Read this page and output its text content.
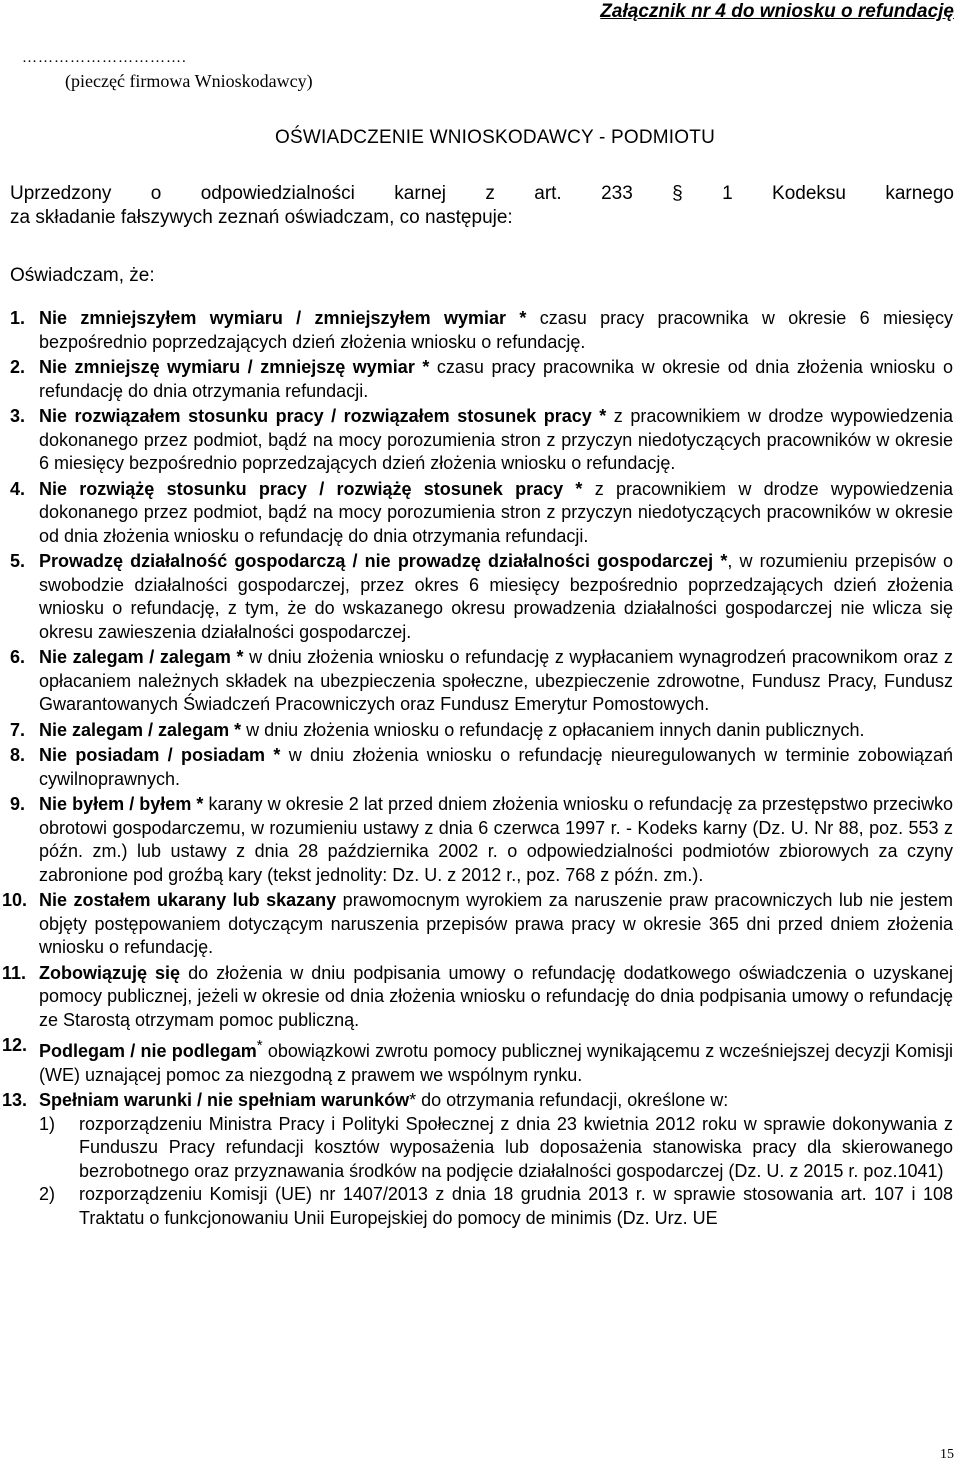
Załącznik nr 4 do wniosku o refundację
………………………….
(pieczęć firmowa Wnioskodawcy)
OŚWIADCZENIE WNIOSKODAWCY - PODMIOTU
Uprzedzony o odpowiedzialności karnej z art. 233 § 1 Kodeksu karnego
za składanie fałszywych zeznań oświadczam, co następuje:
Oświadczam, że:
1. Nie zmniejszyłem wymiaru / zmniejszyłem wymiar * czasu pracy pracownika w okresie 6 miesięcy bezpośrednio poprzedzających dzień złożenia wniosku o refundację.
2. Nie zmniejszę wymiaru / zmniejszę wymiar * czasu pracy pracownika w okresie od dnia złożenia wniosku o refundację do dnia otrzymania refundacji.
3. Nie rozwiązałem stosunku pracy / rozwiązałem stosunek pracy * z pracownikiem w drodze wypowiedzenia dokonanego przez podmiot, bądź na mocy porozumienia stron z przyczyn niedotyczących pracowników w okresie 6 miesięcy bezpośrednio poprzedzających dzień złożenia wniosku o refundację.
4. Nie rozwiążę stosunku pracy / rozwiążę stosunek pracy * z pracownikiem w drodze wypowiedzenia dokonanego przez podmiot, bądź na mocy porozumienia stron z przyczyn niedotyczących pracowników w okresie od dnia złożenia wniosku o refundację do dnia otrzymania refundacji.
5. Prowadzę działalność gospodarczą / nie prowadzę działalności gospodarczej *, w rozumieniu przepisów o swobodzie działalności gospodarczej, przez okres 6 miesięcy bezpośrednio poprzedzających dzień złożenia wniosku o refundację, z tym, że do wskazanego okresu prowadzenia działalności gospodarczej nie wlicza się okresu zawieszenia działalności gospodarczej.
6. Nie zalegam / zalegam * w dniu złożenia wniosku o refundację z wypłacaniem wynagrodzeń pracownikom oraz z opłacaniem należnych składek na ubezpieczenia społeczne, ubezpieczenie zdrowotne, Fundusz Pracy, Fundusz Gwarantowanych Świadczeń Pracowniczych oraz Fundusz Emerytur Pomostowych.
7. Nie zalegam / zalegam * w dniu złożenia wniosku o refundację z opłacaniem innych danin publicznych.
8. Nie posiadam / posiadam * w dniu złożenia wniosku o refundację nieuregulowanych w terminie zobowiązań cywilnoprawnych.
9. Nie byłem / byłem * karany w okresie 2 lat przed dniem złożenia wniosku o refundację za przestępstwo przeciwko obrotowi gospodarczemu, w rozumieniu ustawy z dnia 6 czerwca 1997 r. - Kodeks karny (Dz. U. Nr 88, poz. 553 z późn. zm.) lub ustawy z dnia 28 października 2002 r. o odpowiedzialności podmiotów zbiorowych za czyny zabronione pod groźbą kary (tekst jednolity: Dz. U. z 2012 r., poz. 768 z późn. zm.).
10. Nie zostałem ukarany lub skazany prawomocnym wyrokiem za naruszenie praw pracowniczych lub nie jestem objęty postępowaniem dotyczącym naruszenia przepisów prawa pracy w okresie 365 dni przed dniem złożenia wniosku o refundację.
11. Zobowiązuję się do złożenia w dniu podpisania umowy o refundację dodatkowego oświadczenia o uzyskanej pomocy publicznej, jeżeli w okresie od dnia złożenia wniosku o refundację do dnia podpisania umowy o refundację ze Starostą otrzymam pomoc publiczną.
12. Podlegam / nie podlegam* obowiązkowi zwrotu pomocy publicznej wynikającemu z wcześniejszej decyzji Komisji (WE) uznającej pomoc za niezgodną z prawem we wspólnym rynku.
13. Spełniam warunki / nie spełniam warunków* do otrzymania refundacji, określone w:
1) rozporządzeniu Ministra Pracy i Polityki Społecznej z dnia 23 kwietnia 2012 roku w sprawie dokonywania z Funduszu Pracy refundacji kosztów wyposażenia lub doposażenia stanowiska pracy dla skierowanego bezrobotnego oraz przyznawania środków na podjęcie działalności gospodarczej (Dz. U. z 2015 r. poz.1041)
2) rozporządzeniu Komisji (UE) nr 1407/2013 z dnia 18 grudnia 2013 r. w sprawie stosowania art. 107 i 108 Traktatu o funkcjonowaniu Unii Europejskiej do pomocy de minimis (Dz. Urz. UE
15
